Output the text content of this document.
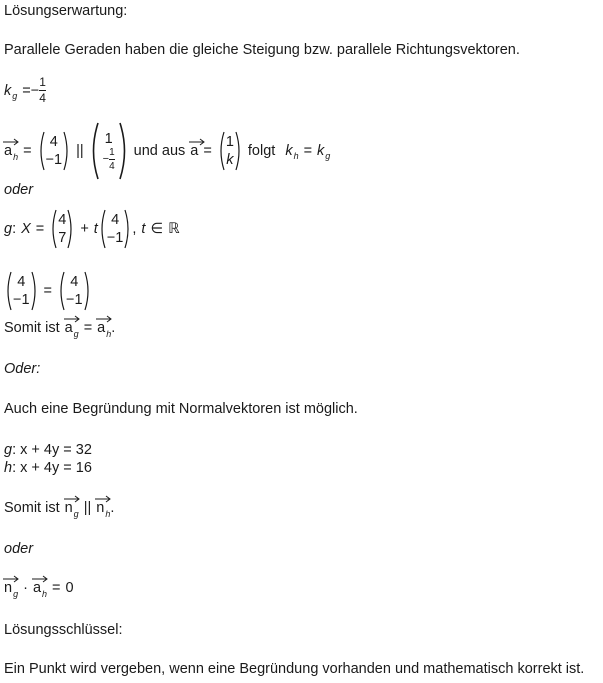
Lösungserwartung:
Parallele Geraden haben die gleiche Steigung bzw. parallele Richtungsvektoren.
k g = − $\frac{1}{4}$
$a_h$ =
4
−1
||
1
− $\frac{1}{4}$ und aus a =
1
k
folgt k h = k g
oder
g : X =
4
7
+ t
4
−1
, t ∈ ℝ
4
−1
=
4
−1
Somit ist $a_g = a_h$ .
Oder:
Auch eine Begründung mit Normalvektoren ist möglich.
g : x + 4y = 32
h : x + 4y = 16
Somit ist $n_g$ || $n_h$ .
oder
$n_g \cdot a_h = 0$
Lösungsschlüssel:
Ein Punkt wird vergeben, wenn eine Begründung vorhanden und mathematisch korrekt ist.
